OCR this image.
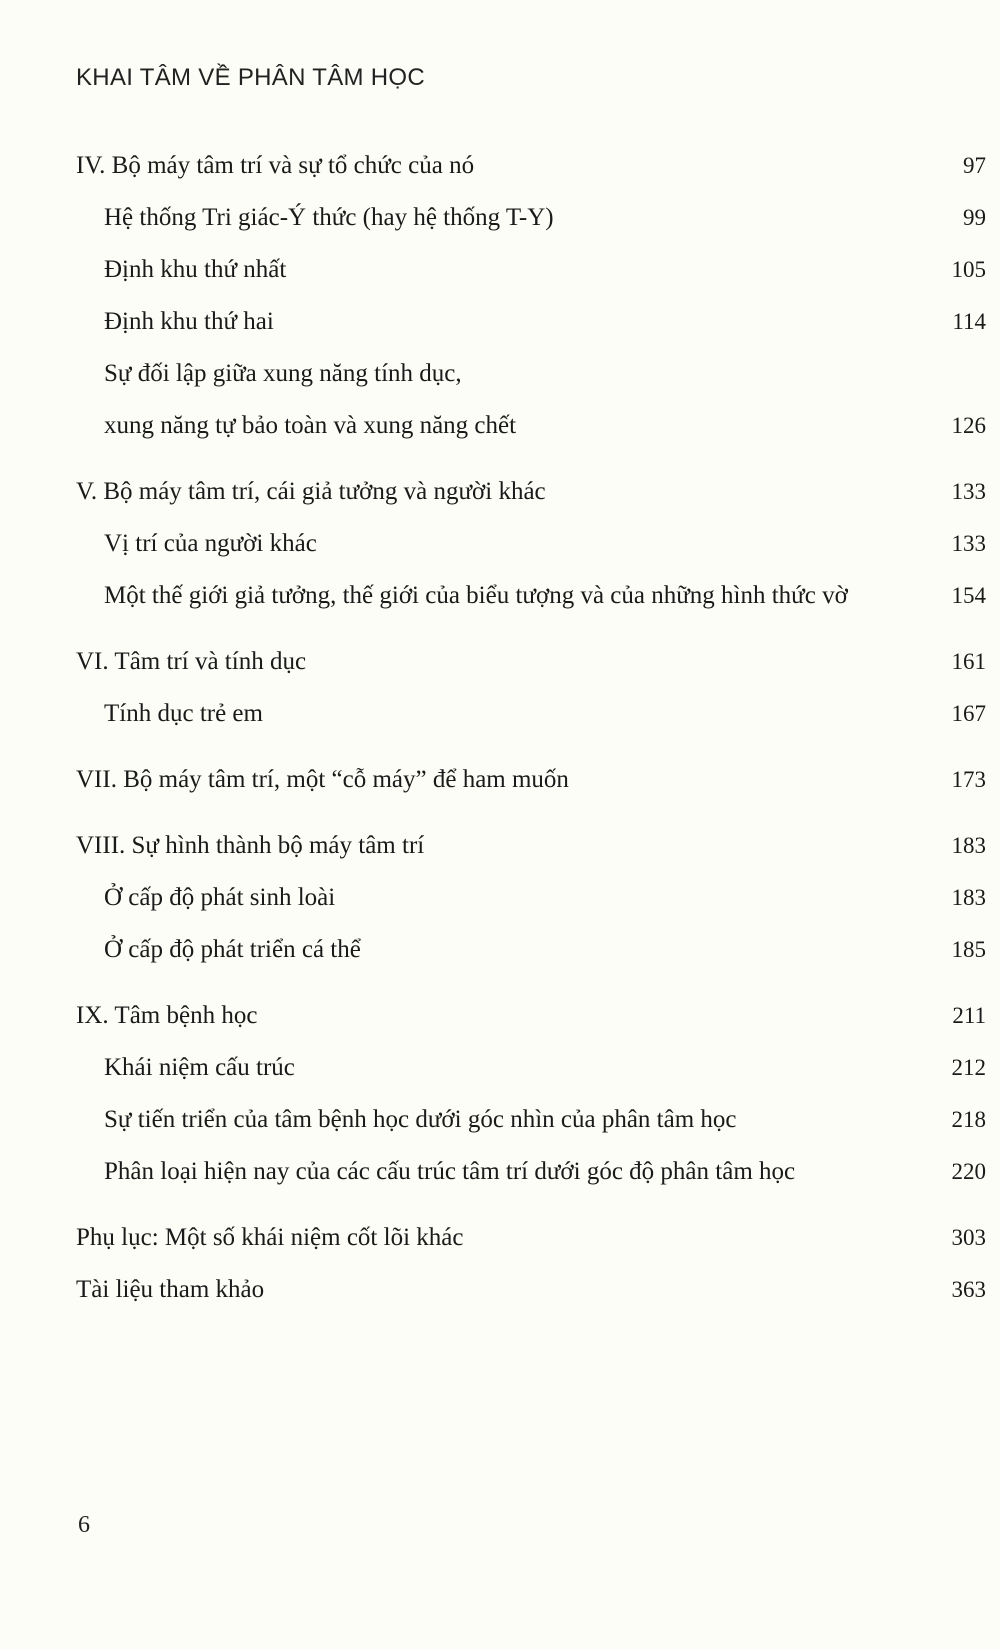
KHAI TÂM VỀ PHÂN TÂM HỌC
IV. Bộ máy tâm trí và sự tổ chức của nó	97
Hệ thống Tri giác-Ý thức (hay hệ thống T-Y)	99
Định khu thứ nhất	105
Định khu thứ hai	114
Sự đối lập giữa xung năng tính dục,
xung năng tự bảo toàn và xung năng chết	126
V. Bộ máy tâm trí, cái giả tưởng và người khác	133
Vị trí của người khác	133
Một thế giới giả tưởng, thế giới của biểu tượng và của những hình thức vờ	154
VI. Tâm trí và tính dục	161
Tính dục trẻ em	167
VII. Bộ máy tâm trí, một “cỗ máy” để ham muốn	173
VIII. Sự hình thành bộ máy tâm trí	183
Ở cấp độ phát sinh loài	183
Ở cấp độ phát triển cá thể	185
IX. Tâm bệnh học	211
Khái niệm cấu trúc	212
Sự tiến triển của tâm bệnh học dưới góc nhìn của phân tâm học	218
Phân loại hiện nay của các cấu trúc tâm trí dưới góc độ phân tâm học	220
Phụ lục: Một số khái niệm cốt lõi khác	303
Tài liệu tham khảo	363
6
